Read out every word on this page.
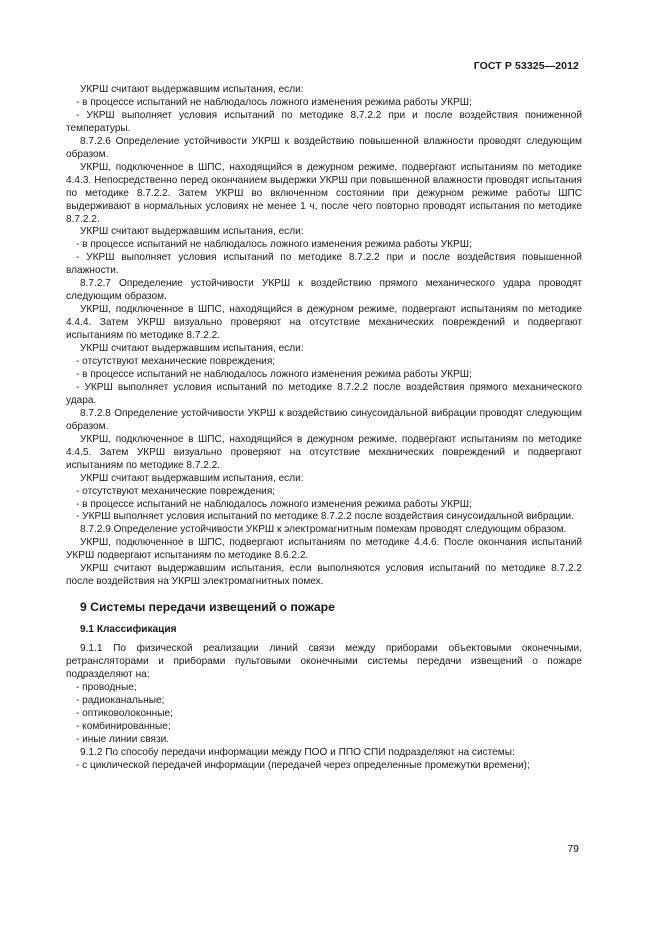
ГОСТ Р 53325—2012

УКРШ считают выдержавшим испытания, если:

- в процессе испытаний не наблюдалось ложного изменения режима работы УКРШ;

- УКРШ выполняет условия испытаний по методике 8.7.2.2 при и после воздействия пониженной температуры.

8.7.2.6 Определение устойчивости УКРШ к воздействию повышенной влажности проводят следующим образом.

УКРШ, подключенное в ШПС, находящийся в дежурном режиме, подвергают испытаниям по методике 4.4.3. Непосредственно перед окончанием выдержки УКРШ при повышенной влажности проводят испытания по методике 8.7.2.2. Затем УКРШ во включенном состоянии при дежурном режиме работы ШПС выдерживают в нормальных условиях не менее 1 ч, после чего повторно проводят испытания по методике 8.7.2.2.

УКРШ считают выдержавшим испытания, если:

- в процессе испытаний не наблюдалось ложного изменения режима работы УКРШ;

- УКРШ выполняет условия испытаний по методике 8.7.2.2 при и после воздействия повышенной влажности.

8.7.2.7 Определение устойчивости УКРШ к воздействию прямого механического удара проводят следующим образом.

УКРШ, подключенное в ШПС, находящийся в дежурном режиме, подвергают испытаниям по методике 4.4.4. Затем УКРШ визуально проверяют на отсутствие механических повреждений и подвергают испытаниям по методике 8.7.2.2.

УКРШ считают выдержавшим испытания, если:

- отсутствуют механические повреждения;

- в процессе испытаний не наблюдалось ложного изменения режима работы УКРШ;

- УКРШ выполняет условия испытаний по методике 8.7.2.2 после воздействия прямого механического удара.

8.7.2.8 Определение устойчивости УКРШ к воздействию синусоидальной вибрации проводят следующим образом.

УКРШ, подключенное в ШПС, находящийся в дежурном режиме, подвергают испытаниям по методике 4.4.5. Затем УКРШ визуально проверяют на отсутствие механических повреждений и подвергают испытаниям по методике 8.7.2.2.

УКРШ считают выдержавшим испытания, если:

- отсутствуют механические повреждения;

- в процессе испытаний не наблюдалось ложного изменения режима работы УКРШ;

- УКРШ выполняет условия испытаний по методике 8.7.2.2 после воздействия синусоидальной вибрации.

8.7.2.9 Определение устойчивости УКРШ к электромагнитным помехам проводят следующим образом.

УКРШ, подключенное в ШПС, подвергают испытаниям по методике 4.4.6. После окончания испытаний УКРШ подвергают испытаниям по методике 8.6.2.2.

УКРШ считают выдержавшим испытания, если выполняются условия испытаний по методике 8.7.2.2 после воздействия на УКРШ электромагнитных помех.

9 Системы передачи извещений о пожаре
9.1 Классификация

9.1.1 По физической реализации линий связи между приборами объектовыми оконечными, ретрансляторами и приборами пультовыми оконечными системы передачи извещений о пожаре подразделяют на:

- проводные;

- радиоканальные;

- оптиковолоконные;

- комбинированные;

- иные линии связи.

9.1.2 По способу передачи информации между ПОО и ППО СПИ подразделяют на системы:

- с циклической передачей информации (передачей через определенные промежутки времени);

79
